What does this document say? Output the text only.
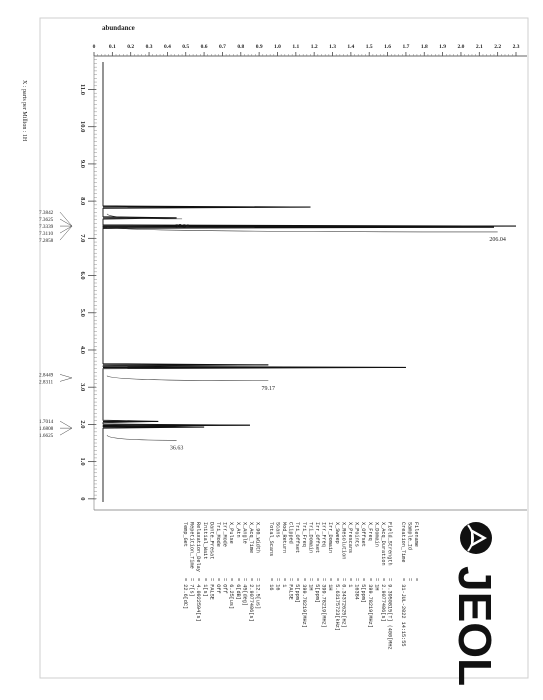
abundance
X : parts per Million : 1H
0 0.1 0.2 0.3 0.4 0.5 0.6 0.7 0.8 0.9 1.0 1.1 1.2 1.3 1.4 1.5 1.6 1.7 1.8 1.9 2.0 2.1 2.2 2.3
11.0
10.0
9.0
8.0
7.0
6.0
5.0
4.0
3.0
2.0
1.0
0
37.24
206.04
79.17
36.63
7.3842
7.3625
7.3339
7.3110
7.2858
2.8449
2.8311
1.7014
1.6808
1.6625
Filename
=
Sample_Id
=
Creation_Time
= 31-JUL-2022 14:15:55
Field_Strength
= 9.3950815[T] (400[MHz
X_Acq_Duration
= 2.9077406[s]
X_Domain
= 1H
X_Freq
= 399.78219[MHz]
X_Offset
= 5[ppm]
X_Points
= 16384
X_Prescans
= 1
X_Resolution
= 0.34372625[Hz]
X_Sweep
= 5.63175723[kHz]
Irr_Domain
= 1H
Irr_Freq
= 399.78219[MHz]
Irr_Offset
= 5[ppm]
Tri_Domain
= 1H
Tri_Freq
= 399.78219[MHz]
Tri_Offset
= 5[ppm]
Clipped
= FALSE
Mod_Return
= 1
Scans
= 16
Total_Scans
= 16
X_90_Width
= 12.5[us]
X_Acq_Time
= 2.9077406[s]
X_Angle
= 45[deg]
X_Atn
= 6[dB]
X_Pulse
= 6.25[us]
Irr_Mode
= Off
Tri_Mode
= Off
Dante_Presat
= FALSE
Initial_Wait
= 1[s]
Relaxation_Delay
= 4.0922594[s]
Repetition_Time
= 7[s]
Temp_Get
= 22.6[dC]	JEOL
